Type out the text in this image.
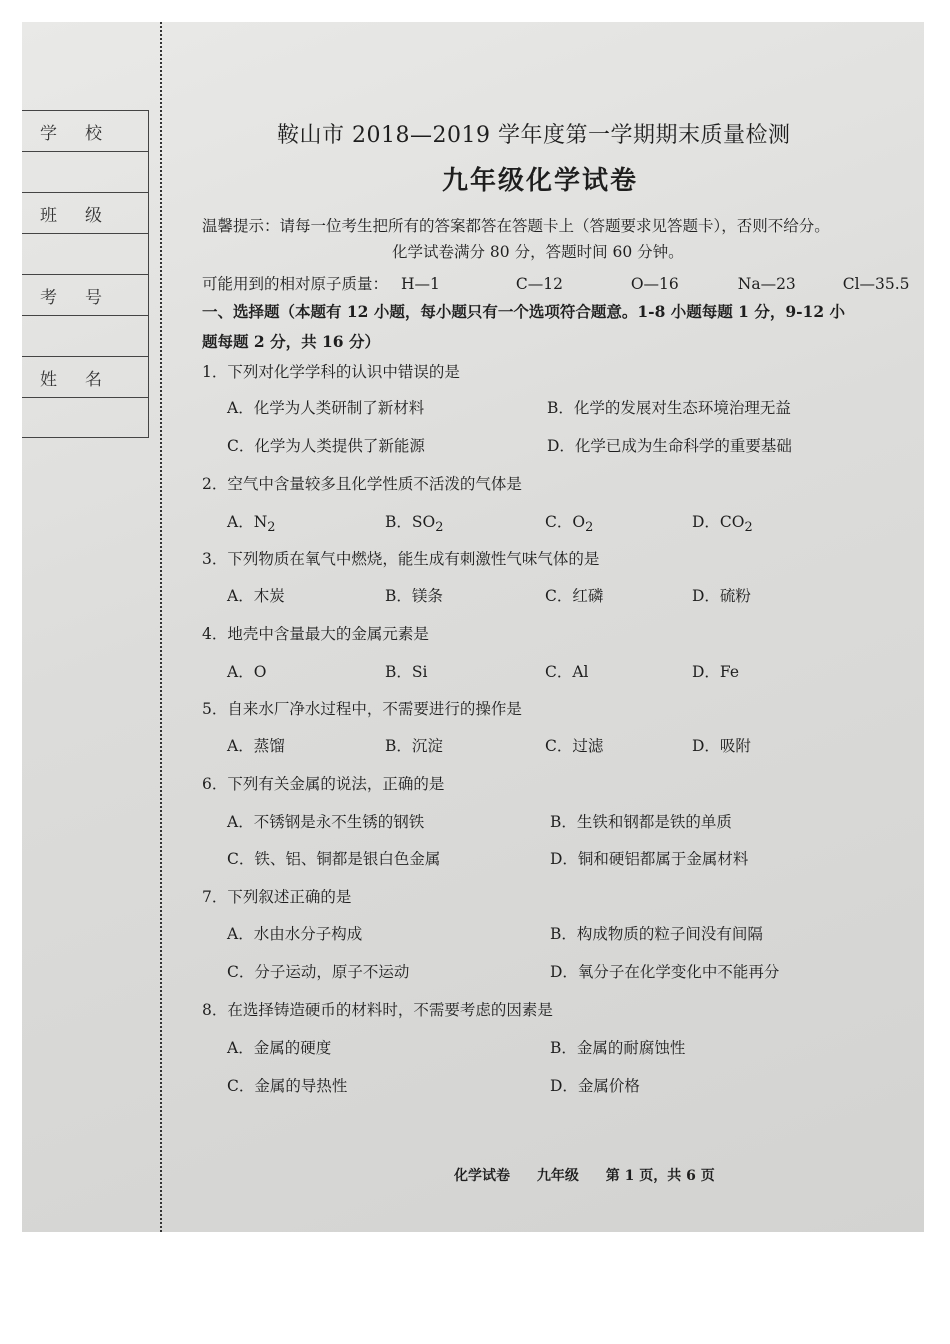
学校
班级
考号
姓名
鞍山市 2018—2019 学年度第一学期期末质量检测
九年级化学试卷
温馨提示：请每一位考生把所有的答案都答在答题卡上（答题要求见答题卡），否则不给分。
化学试卷满分 80 分，答题时间 60 分钟。
可能用到的相对原子质量： H—1	C—12	O—16	Na—23	Cl—35.5
一、选择题（本题有 12 小题，每小题只有一个选项符合题意。1-8 小题每题 1 分，9-12 小
题每题 2 分，共 16 分）
1．下列对化学学科的认识中错误的是
A．化学为人类研制了新材料	B．化学的发展对生态环境治理无益
C．化学为人类提供了新能源	D．化学已成为生命科学的重要基础
2．空气中含量较多且化学性质不活泼的气体是
A．$N_2$	B．$SO_2$	C．$O_2$	D．$CO_2$
3．下列物质在氧气中燃烧，能生成有刺激性气味气体的是
A．木炭	B．镁条	C．红磷	D．硫粉
4．地壳中含量最大的金属元素是
A．O	B．Si	C．Al	D．Fe
5．自来水厂净水过程中，不需要进行的操作是
A．蒸馏	B．沉淀	C．过滤	D．吸附
6．下列有关金属的说法，正确的是
A．不锈钢是永不生锈的钢铁	B．生铁和钢都是铁的单质
C．铁、铝、铜都是银白色金属	D．铜和硬铝都属于金属材料
7．下列叙述正确的是
A．水由水分子构成	B．构成物质的粒子间没有间隔
C．分子运动，原子不运动	D．氧分子在化学变化中不能再分
8．在选择铸造硬币的材料时，不需要考虑的因素是
A．金属的硬度	B．金属的耐腐蚀性
C．金属的导热性	D．金属价格
化学试卷 九年级 第 1 页，共 6 页
